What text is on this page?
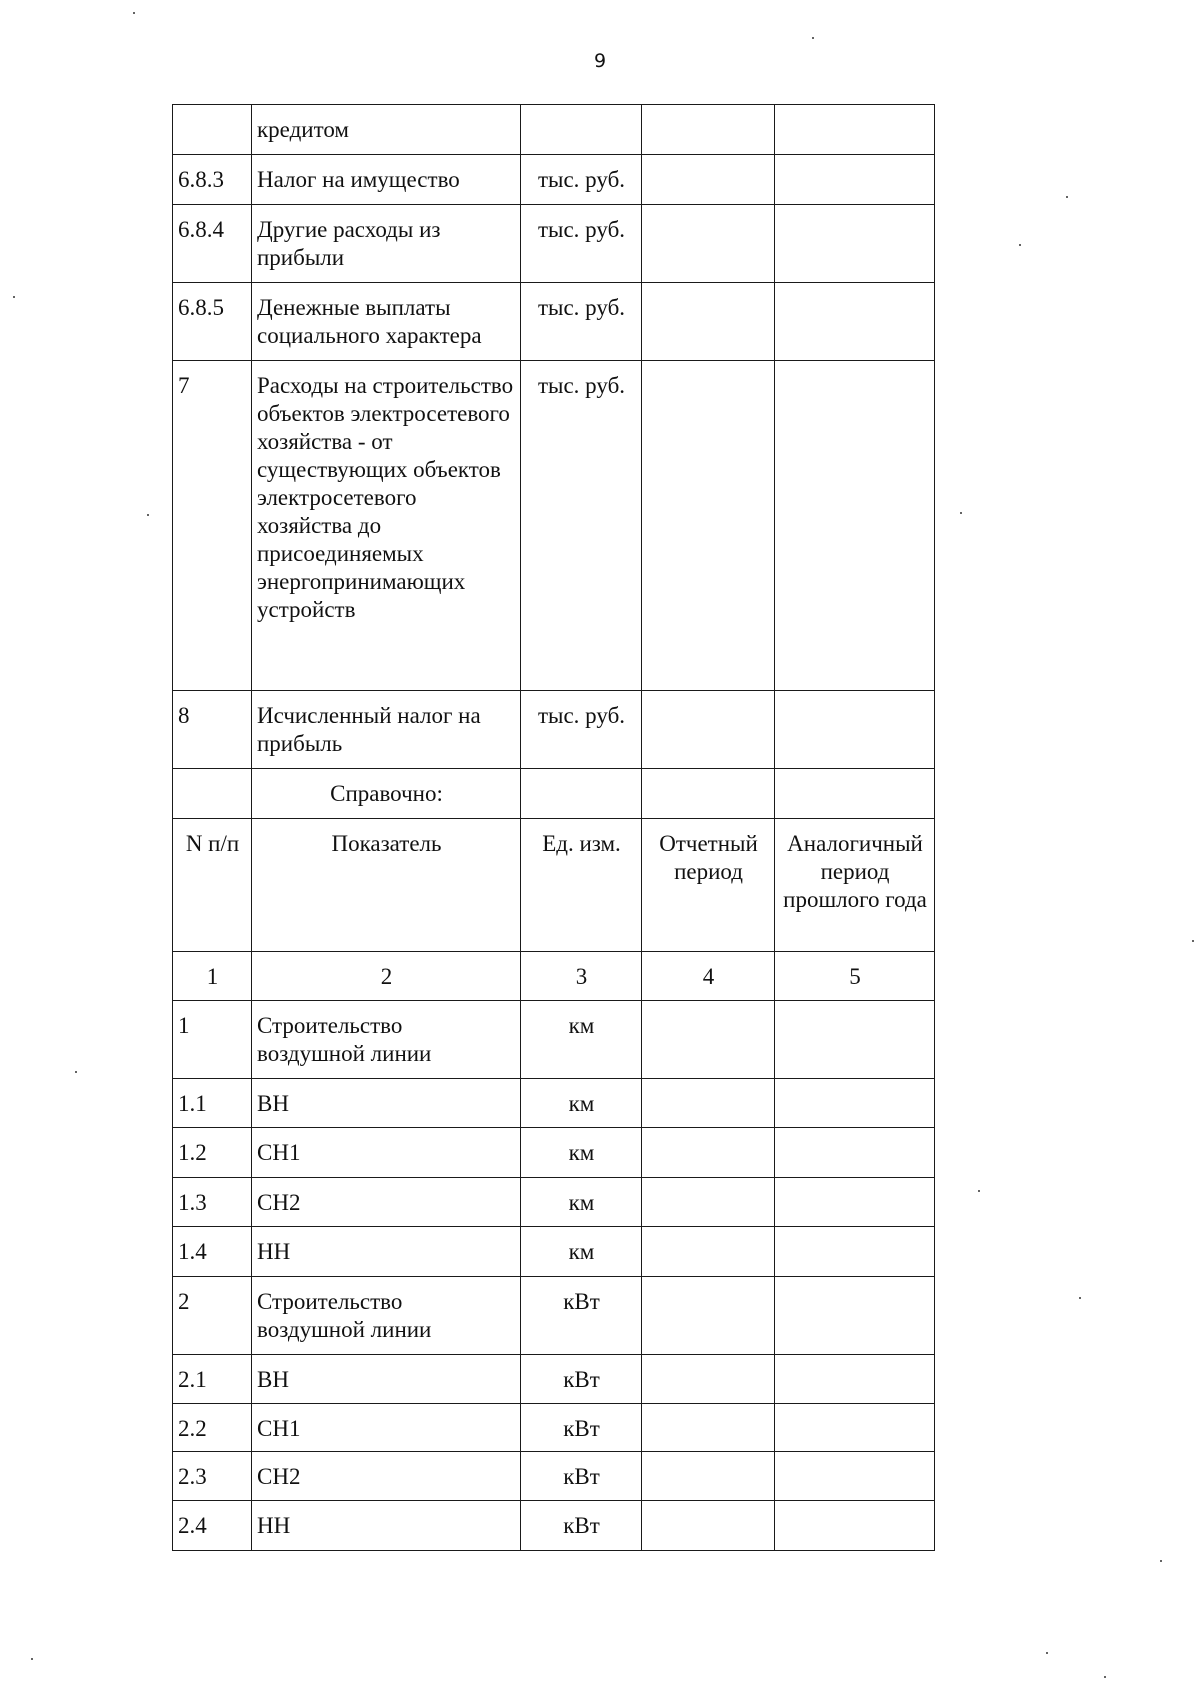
9
	кредитом			
6.8.3	Налог на имущество	тыс. руб.		
6.8.4	Другие расходы из прибыли	тыс. руб.		
6.8.5	Денежные выплаты социального характера	тыс. руб.		
7	Расходы на строительство объектов электросетевого хозяйства - от существующих объектов электросетевого хозяйства до присоединяемых энергопринимающих устройств	тыс. руб.		
8	Исчисленный налог на прибыль	тыс. руб.		
	Справочно:			
N п/п	Показатель	Ед. изм.	Отчетный период	Аналогичный период прошлого года
1	2	3	4	5
1	Строительство воздушной линии	км		
1.1	ВН	км		
1.2	СН1	км		
1.3	СН2	км		
1.4	НН	км		
2	Строительство воздушной линии	кВт		
2.1	ВН	кВт		
2.2	СН1	кВт		
2.3	СН2	кВт		
2.4	НН	кВт		
